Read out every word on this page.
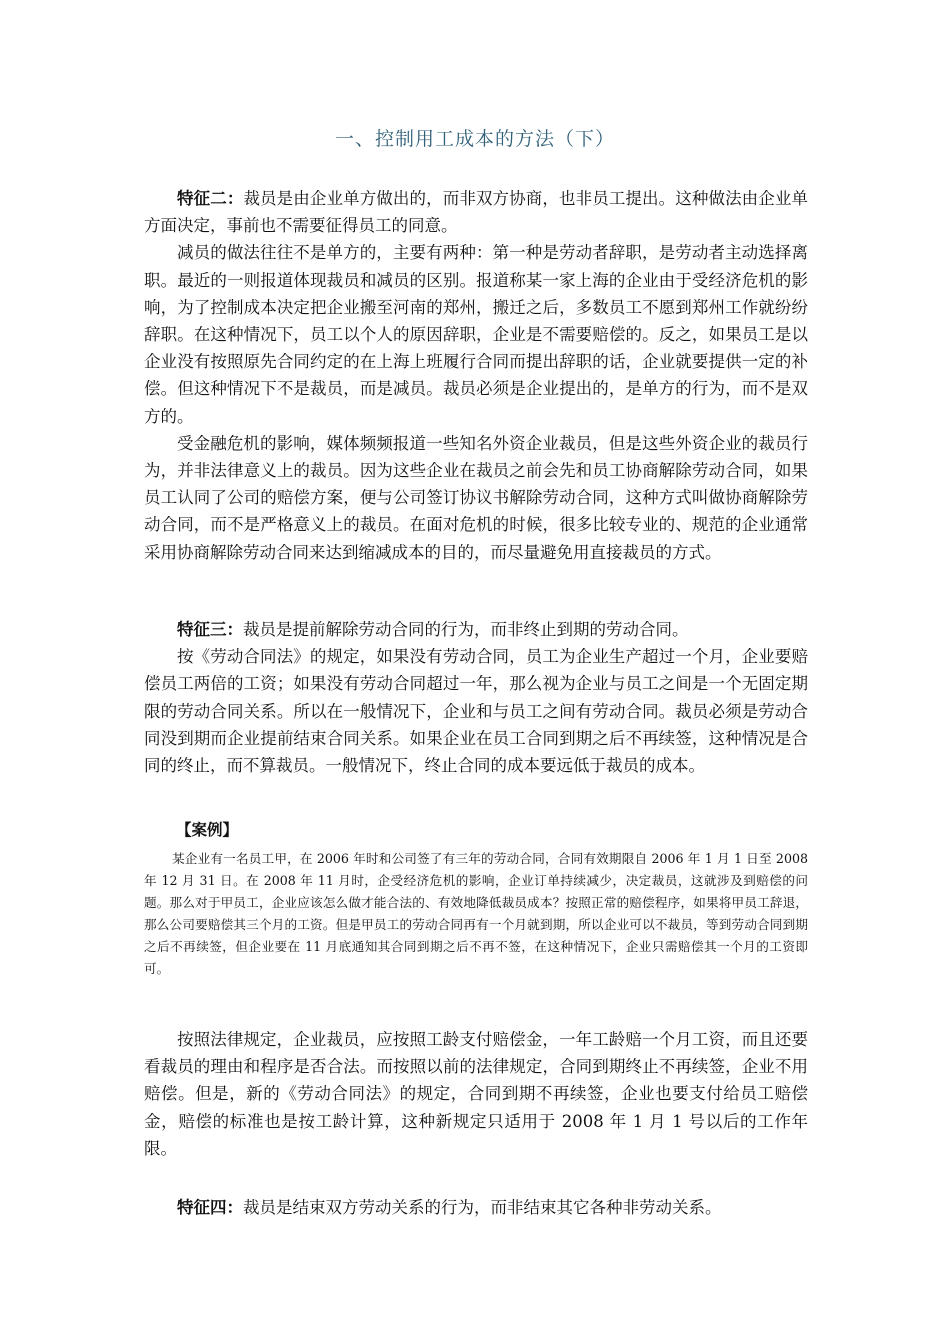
一、控制用工成本的方法（下）

特征二：裁员是由企业单方做出的，而非双方协商，也非员工提出。这种做法由企业单方面决定，事前也不需要征得员工的同意。

减员的做法往往不是单方的，主要有两种：第一种是劳动者辞职，是劳动者主动选择离职。最近的一则报道体现裁员和减员的区别。报道称某一家上海的企业由于受经济危机的影响，为了控制成本决定把企业搬至河南的郑州，搬迁之后，多数员工不愿到郑州工作就纷纷辞职。在这种情况下，员工以个人的原因辞职，企业是不需要赔偿的。反之，如果员工是以企业没有按照原先合同约定的在上海上班履行合同而提出辞职的话，企业就要提供一定的补偿。但这种情况下不是裁员，而是减员。裁员必须是企业提出的，是单方的行为，而不是双方的。

受金融危机的影响，媒体频频报道一些知名外资企业裁员，但是这些外资企业的裁员行为，并非法律意义上的裁员。因为这些企业在裁员之前会先和员工协商解除劳动合同，如果员工认同了公司的赔偿方案，便与公司签订协议书解除劳动合同，这种方式叫做协商解除劳动合同，而不是严格意义上的裁员。在面对危机的时候，很多比较专业的、规范的企业通常采用协商解除劳动合同来达到缩减成本的目的，而尽量避免用直接裁员的方式。

特征三：裁员是提前解除劳动合同的行为，而非终止到期的劳动合同。

按《劳动合同法》的规定，如果没有劳动合同，员工为企业生产超过一个月，企业要赔偿员工两倍的工资；如果没有劳动合同超过一年，那么视为企业与员工之间是一个无固定期限的劳动合同关系。所以在一般情况下，企业和与员工之间有劳动合同。裁员必须是劳动合同没到期而企业提前结束合同关系。如果企业在员工合同到期之后不再续签，这种情况是合同的终止，而不算裁员。一般情况下，终止合同的成本要远低于裁员的成本。

【案例】

某企业有一名员工甲，在 2006 年时和公司签了有三年的劳动合同，合同有效期限自 2006 年 1 月 1 日至 2008 年 12 月 31 日。在 2008 年 11 月时，企受经济危机的影响，企业订单持续减少，决定裁员，这就涉及到赔偿的问题。那么对于甲员工，企业应该怎么做才能合法的、有效地降低裁员成本？按照正常的赔偿程序，如果将甲员工辞退，那么公司要赔偿其三个月的工资。但是甲员工的劳动合同再有一个月就到期，所以企业可以不裁员，等到劳动合同到期之后不再续签，但企业要在 11 月底通知其合同到期之后不再不签，在这种情况下，企业只需赔偿其一个月的工资即可。

按照法律规定，企业裁员，应按照工龄支付赔偿金，一年工龄赔一个月工资，而且还要看裁员的理由和程序是否合法。而按照以前的法律规定，合同到期终止不再续签，企业不用赔偿。但是，新的《劳动合同法》的规定，合同到期不再续签，企业也要支付给员工赔偿金，赔偿的标准也是按工龄计算，这种新规定只适用于 2008 年 1 月 1 号以后的工作年限。

特征四：裁员是结束双方劳动关系的行为，而非结束其它各种非劳动关系。
